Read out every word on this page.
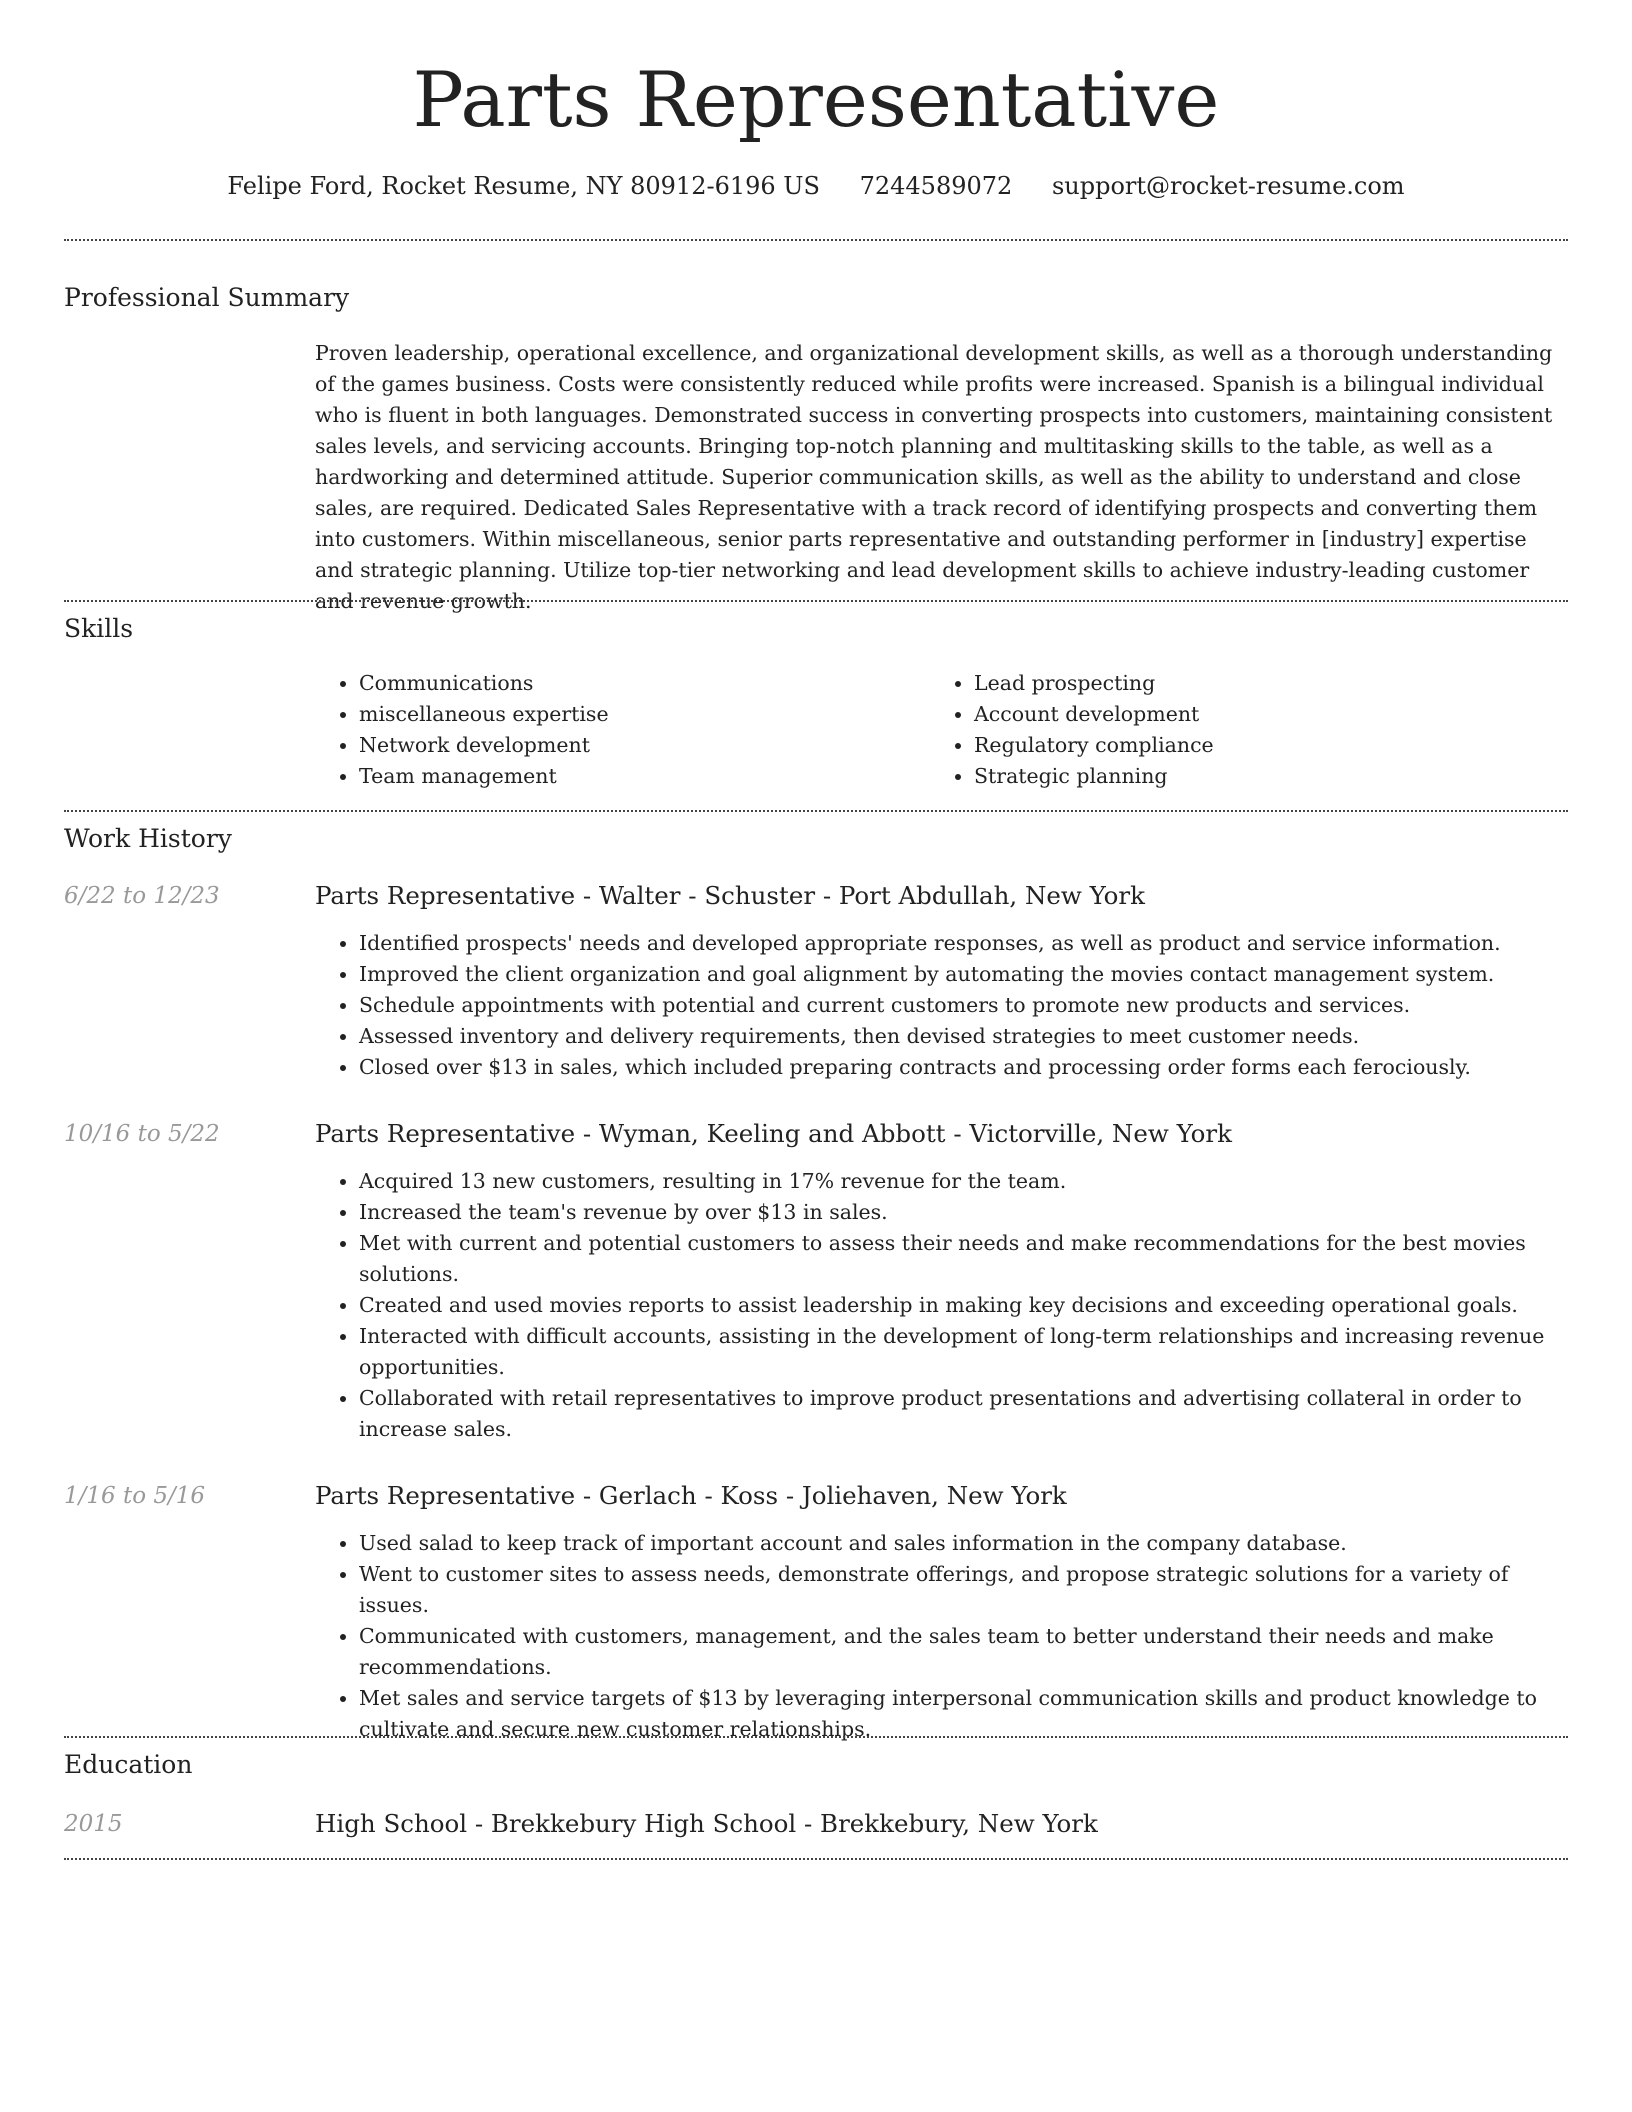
Parts Representative
Felipe Ford, Rocket Resume, NY 80912-6196 US 7244589072 support@rocket-resume.com
Professional Summary

Proven leadership, operational excellence, and organizational development skills, as well as a thorough understanding of the games business. Costs were consistently reduced while profits were increased. Spanish is a bilingual individual who is fluent in both languages. Demonstrated success in converting prospects into customers, maintaining consistent sales levels, and servicing accounts. Bringing top-notch planning and multitasking skills to the table, as well as a hardworking and determined attitude. Superior communication skills, as well as the ability to understand and close sales, are required. Dedicated Sales Representative with a track record of identifying prospects and converting them into customers. Within miscellaneous, senior parts representative and outstanding performer in [industry] expertise and strategic planning. Utilize top-tier networking and lead development skills to achieve industry-leading customer and revenue growth.

Skills
• Communications
• miscellaneous expertise
• Network development
• Team management
• Lead prospecting
• Account development
• Regulatory compliance
• Strategic planning
Work History
6/22 to 12/23	Parts Representative - Walter - Schuster - Port Abdullah, New York
• Identified prospects' needs and developed appropriate responses, as well as product and service information.
• Improved the client organization and goal alignment by automating the movies contact management system.
• Schedule appointments with potential and current customers to promote new products and services.
• Assessed inventory and delivery requirements, then devised strategies to meet customer needs.
• Closed over $13 in sales, which included preparing contracts and processing order forms each ferociously.
10/16 to 5/22	Parts Representative - Wyman, Keeling and Abbott - Victorville, New York
• Acquired 13 new customers, resulting in 17% revenue for the team.
• Increased the team's revenue by over $13 in sales.
• Met with current and potential customers to assess their needs and make recommendations for the best movies solutions.
• Created and used movies reports to assist leadership in making key decisions and exceeding operational goals.
• Interacted with difficult accounts, assisting in the development of long-term relationships and increasing revenue opportunities.
• Collaborated with retail representatives to improve product presentations and advertising collateral in order to increase sales.
1/16 to 5/16	Parts Representative - Gerlach - Koss - Joliehaven, New York
• Used salad to keep track of important account and sales information in the company database.
• Went to customer sites to assess needs, demonstrate offerings, and propose strategic solutions for a variety of issues.
• Communicated with customers, management, and the sales team to better understand their needs and make recommendations.
• Met sales and service targets of $13 by leveraging interpersonal communication skills and product knowledge to cultivate and secure new customer relationships.
Education
2015	High School - Brekkebury High School - Brekkebury, New York
